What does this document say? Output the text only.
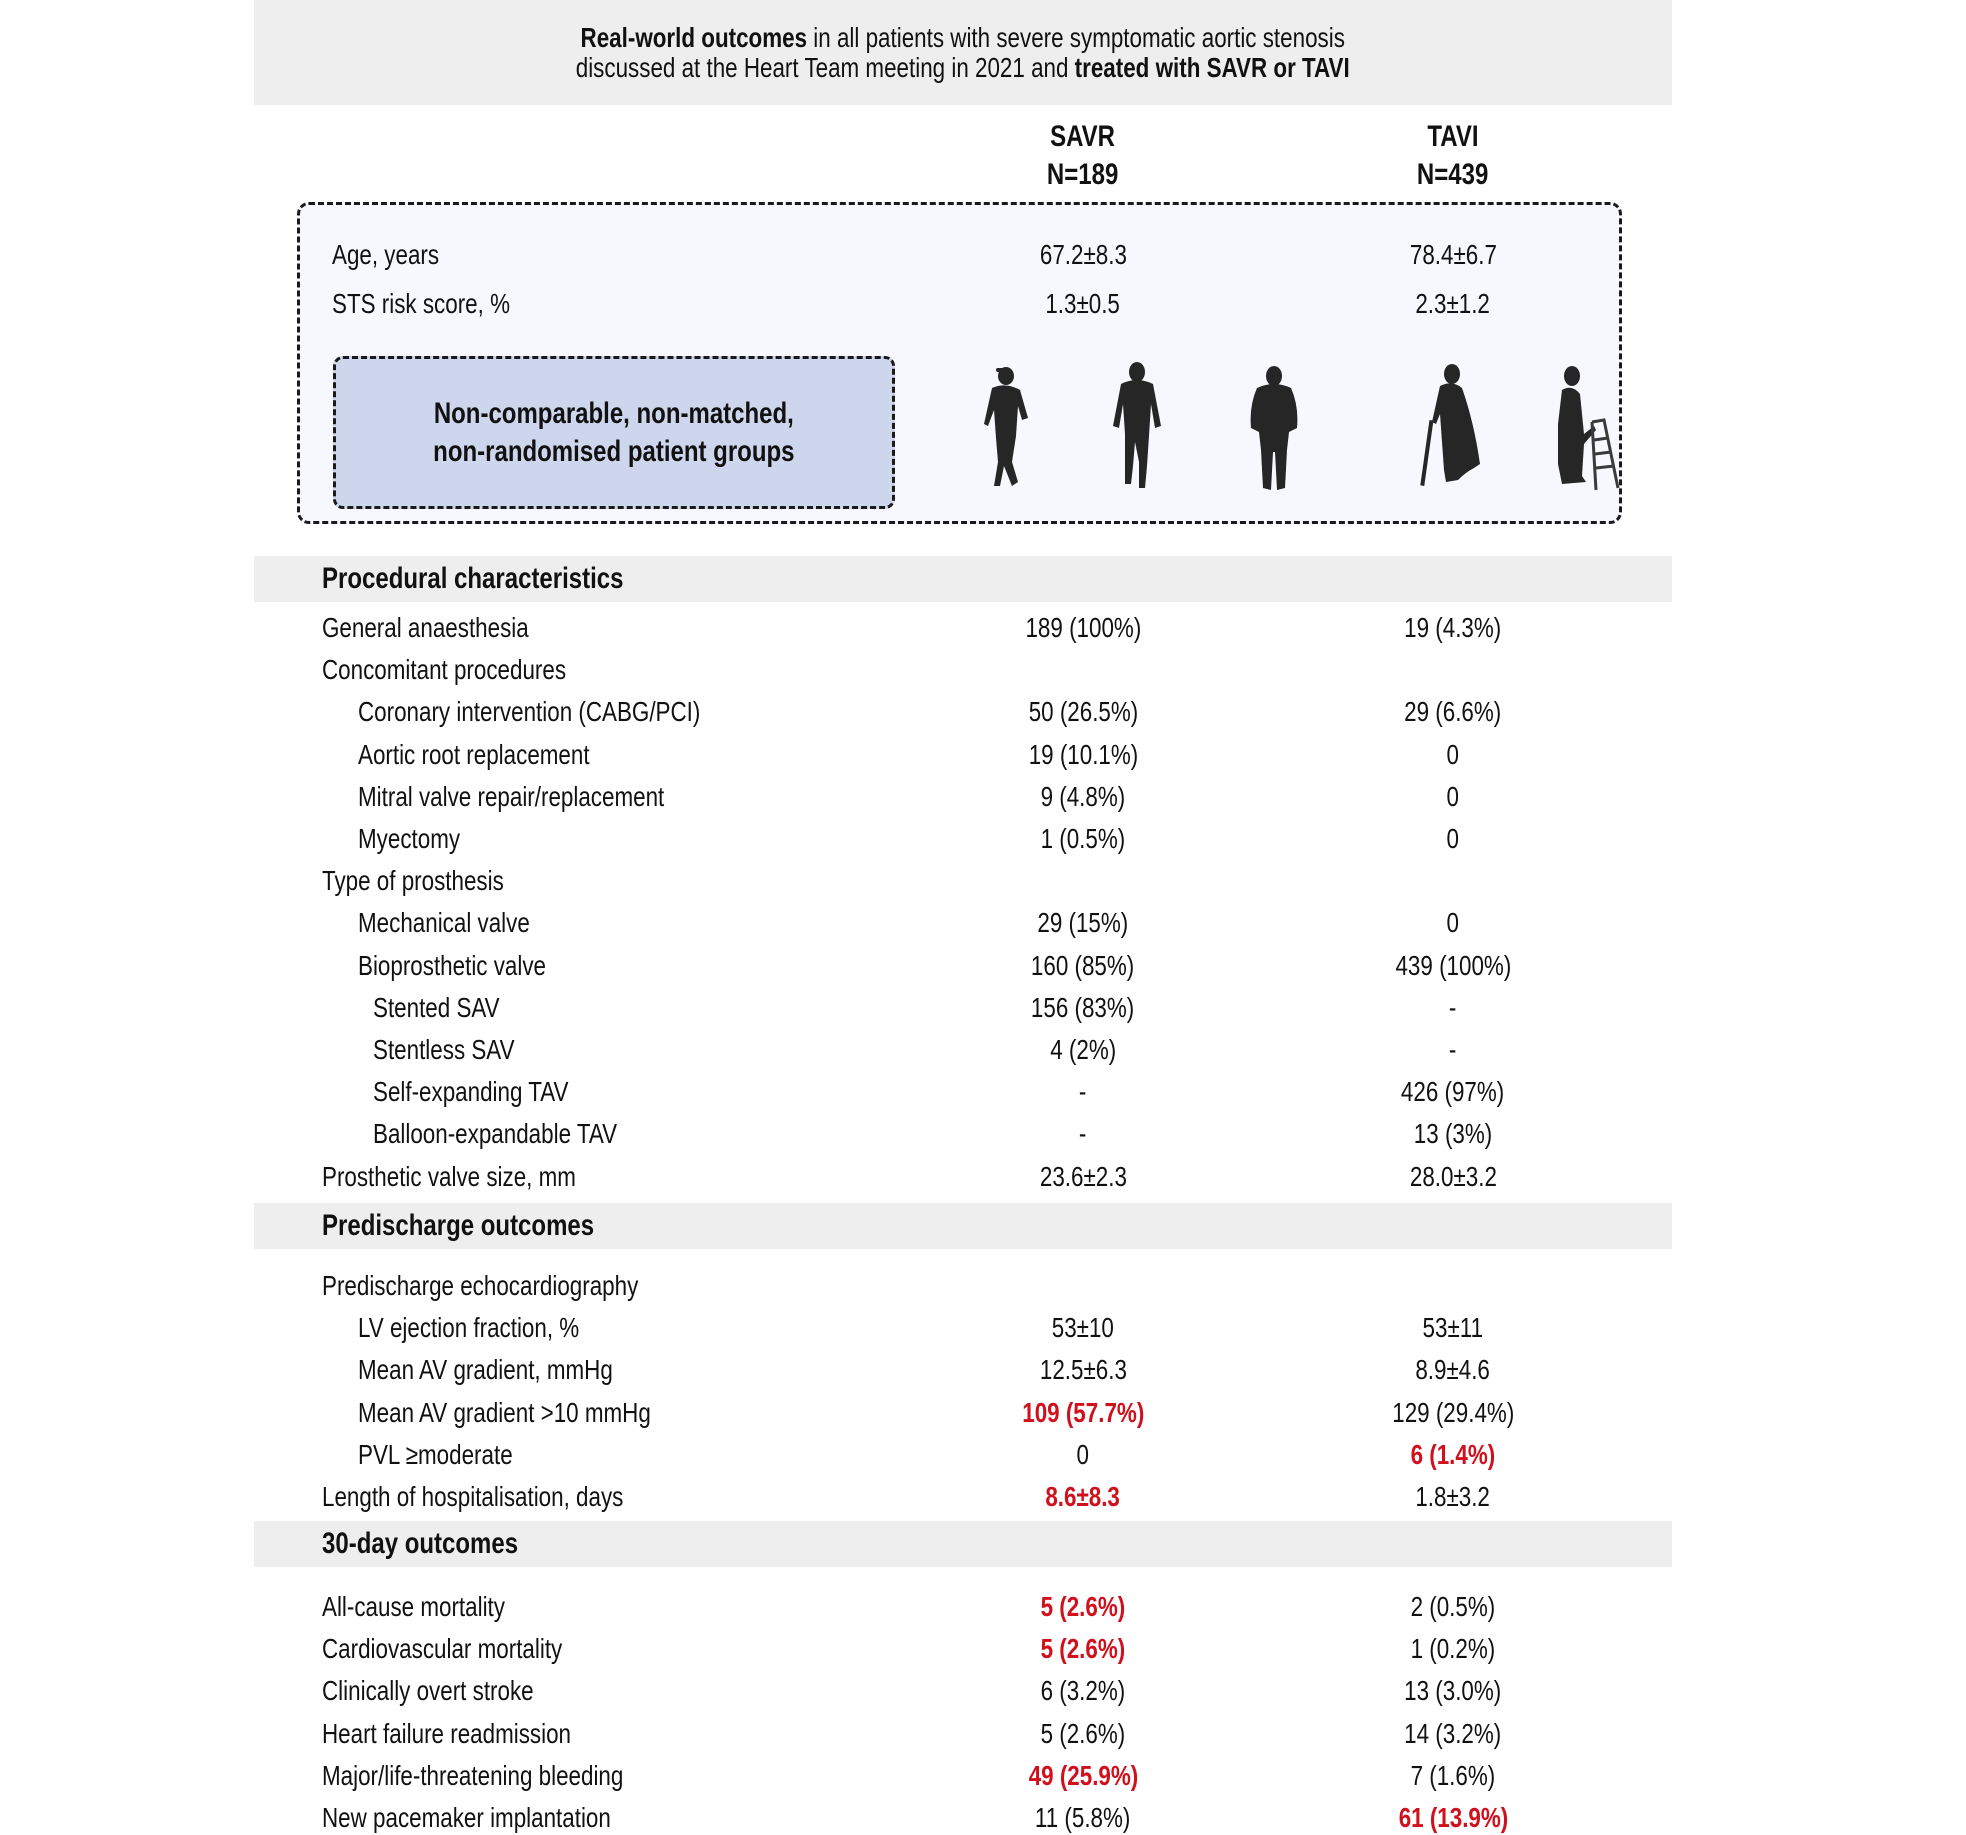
Real-world outcomes in all patients with severe symptomatic aortic stenosis
discussed at the Heart Team meeting in 2021 and treated with SAVR or TAVI
SAVR
N=189
TAVI
N=439
Age, years	67.2±8.3	78.4±6.7
STS risk score, %	1.3±0.5	2.3±1.2
Non-comparable, non-matched,
non-randomised patient groups
Procedural characteristics
Predischarge outcomes
30-day outcomes
General anaesthesia	189 (100%)	19 (4.3%)
Concomitant procedures
Coronary intervention (CABG/PCI)	50 (26.5%)	29 (6.6%)
Aortic root replacement	19 (10.1%)	0
Mitral valve repair/replacement	9 (4.8%)	0
Myectomy	1 (0.5%)	0
Type of prosthesis
Mechanical valve	29 (15%)	0
Bioprosthetic valve	160 (85%)	439 (100%)
Stented SAV	156 (83%)	-
Stentless SAV	4 (2%)	-
Self-expanding TAV	-	426 (97%)
Balloon-expandable TAV	-	13 (3%)
Prosthetic valve size, mm	23.6±2.3	28.0±3.2
Predischarge echocardiography
LV ejection fraction, %	53±10	53±11
Mean AV gradient, mmHg	12.5±6.3	8.9±4.6
Mean AV gradient >10 mmHg	109 (57.7%)	129 (29.4%)
PVL ≥moderate	0	6 (1.4%)
Length of hospitalisation, days	8.6±8.3	1.8±3.2
All-cause mortality	5 (2.6%)	2 (0.5%)
Cardiovascular mortality	5 (2.6%)	1 (0.2%)
Clinically overt stroke	6 (3.2%)	13 (3.0%)
Heart failure readmission	5 (2.6%)	14 (3.2%)
Major/life-threatening bleeding	49 (25.9%)	7 (1.6%)
New pacemaker implantation	11 (5.8%)	61 (13.9%)
